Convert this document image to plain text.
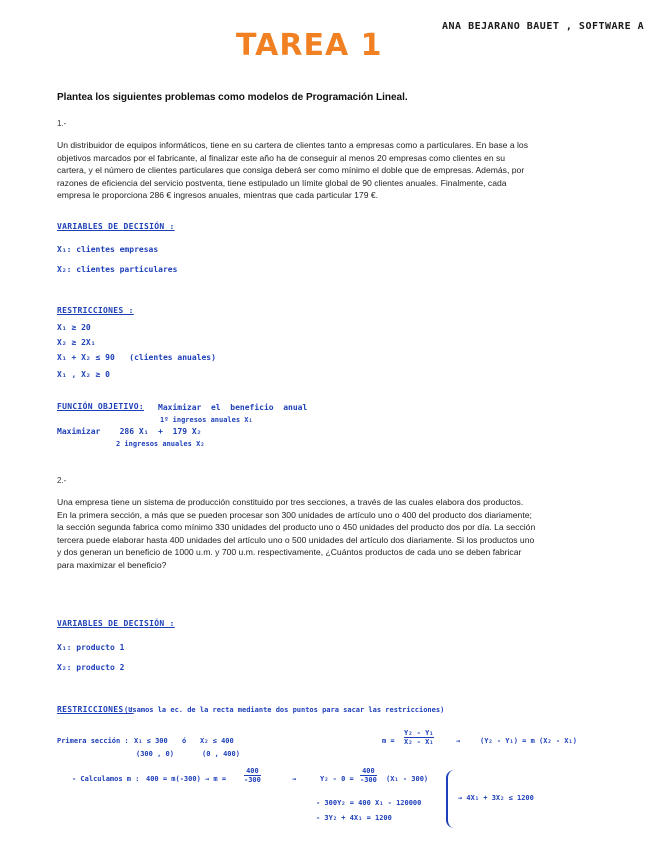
TAREA 1
ANA BEJARANO BAUET , SOFTWARE A
Plantea los siguientes problemas como modelos de Programación Lineal.
1.-
Un distribuidor de equipos informáticos, tiene en su cartera de clientes tanto a empresas como a particulares. En base a los
objetivos marcados por el fabricante, al finalizar este año ha de conseguir al menos 20 empresas como clientes en su
cartera, y el número de clientes particulares que consiga deberá ser como mínimo el doble que de empresas. Además, por
razones de eficiencia del servicio postventa, tiene estipulado un límite global de 90 clientes anuales. Finalmente, cada
empresa le proporciona 286 € ingresos anuales, mientras que cada particular 179 €.
VARIABLES DE DECISIÓN :
X₁: clientes empresas
X₂: clientes particulares
RESTRICCIONES :
X₁ ≥ 20
X₂ ≥ 2X₁
X₁ + X₂ ≤ 90   (clientes anuales)
X₁ , X₂ ≥ 0
FUNCIÓN OBJETIVO: Maximizar  el  beneficio  anual
1º ingresos anuales X₁
Maximizar    286 X₁  +  179 X₂
2 ingresos anuales X₂
2.-
Una empresa tiene un sistema de producción constituido por tres secciones, a través de las cuales elabora dos productos.
En la primera sección, a más que se pueden procesar son 300 unidades de artículo uno o 400 del producto dos diariamente;
la sección segunda fabrica como mínimo 330 unidades del producto uno o 450 unidades del producto dos por día. La sección
tercera puede elaborar hasta 400 unidades del artículo uno o 500 unidades del artículo dos diariamente. Si los productos uno
y dos generan un beneficio de 1000 u.m. y 700 u.m. respectivamente, ¿Cuántos productos de cada uno se deben fabricar
para maximizar el beneficio?
VARIABLES DE DECISIÓN :
X₁: producto 1
X₂: producto 2
RESTRICCIONES :
(Usamos la ec. de la recta mediante dos puntos para sacar las restricciones)
Primera sección : X₁ ≤ 300
(300 , 0)
ó X₂ ≤ 400
(0 , 400)
m =
Y₂ - Y₁
X₂ - X₁	→	(Y₂ - Y₁) = m (X₂ - X₁)
- Calculamos m : 400 = m(-300) → m =
400
-300	→	Y₂ - 0 =
400
-300 (X₁ - 300)
- 300Y₂ = 400 X₁ - 120000
- 3Y₂ + 4X₁ = 1200
→ 4X₁ + 3X₂ ≤ 1200
